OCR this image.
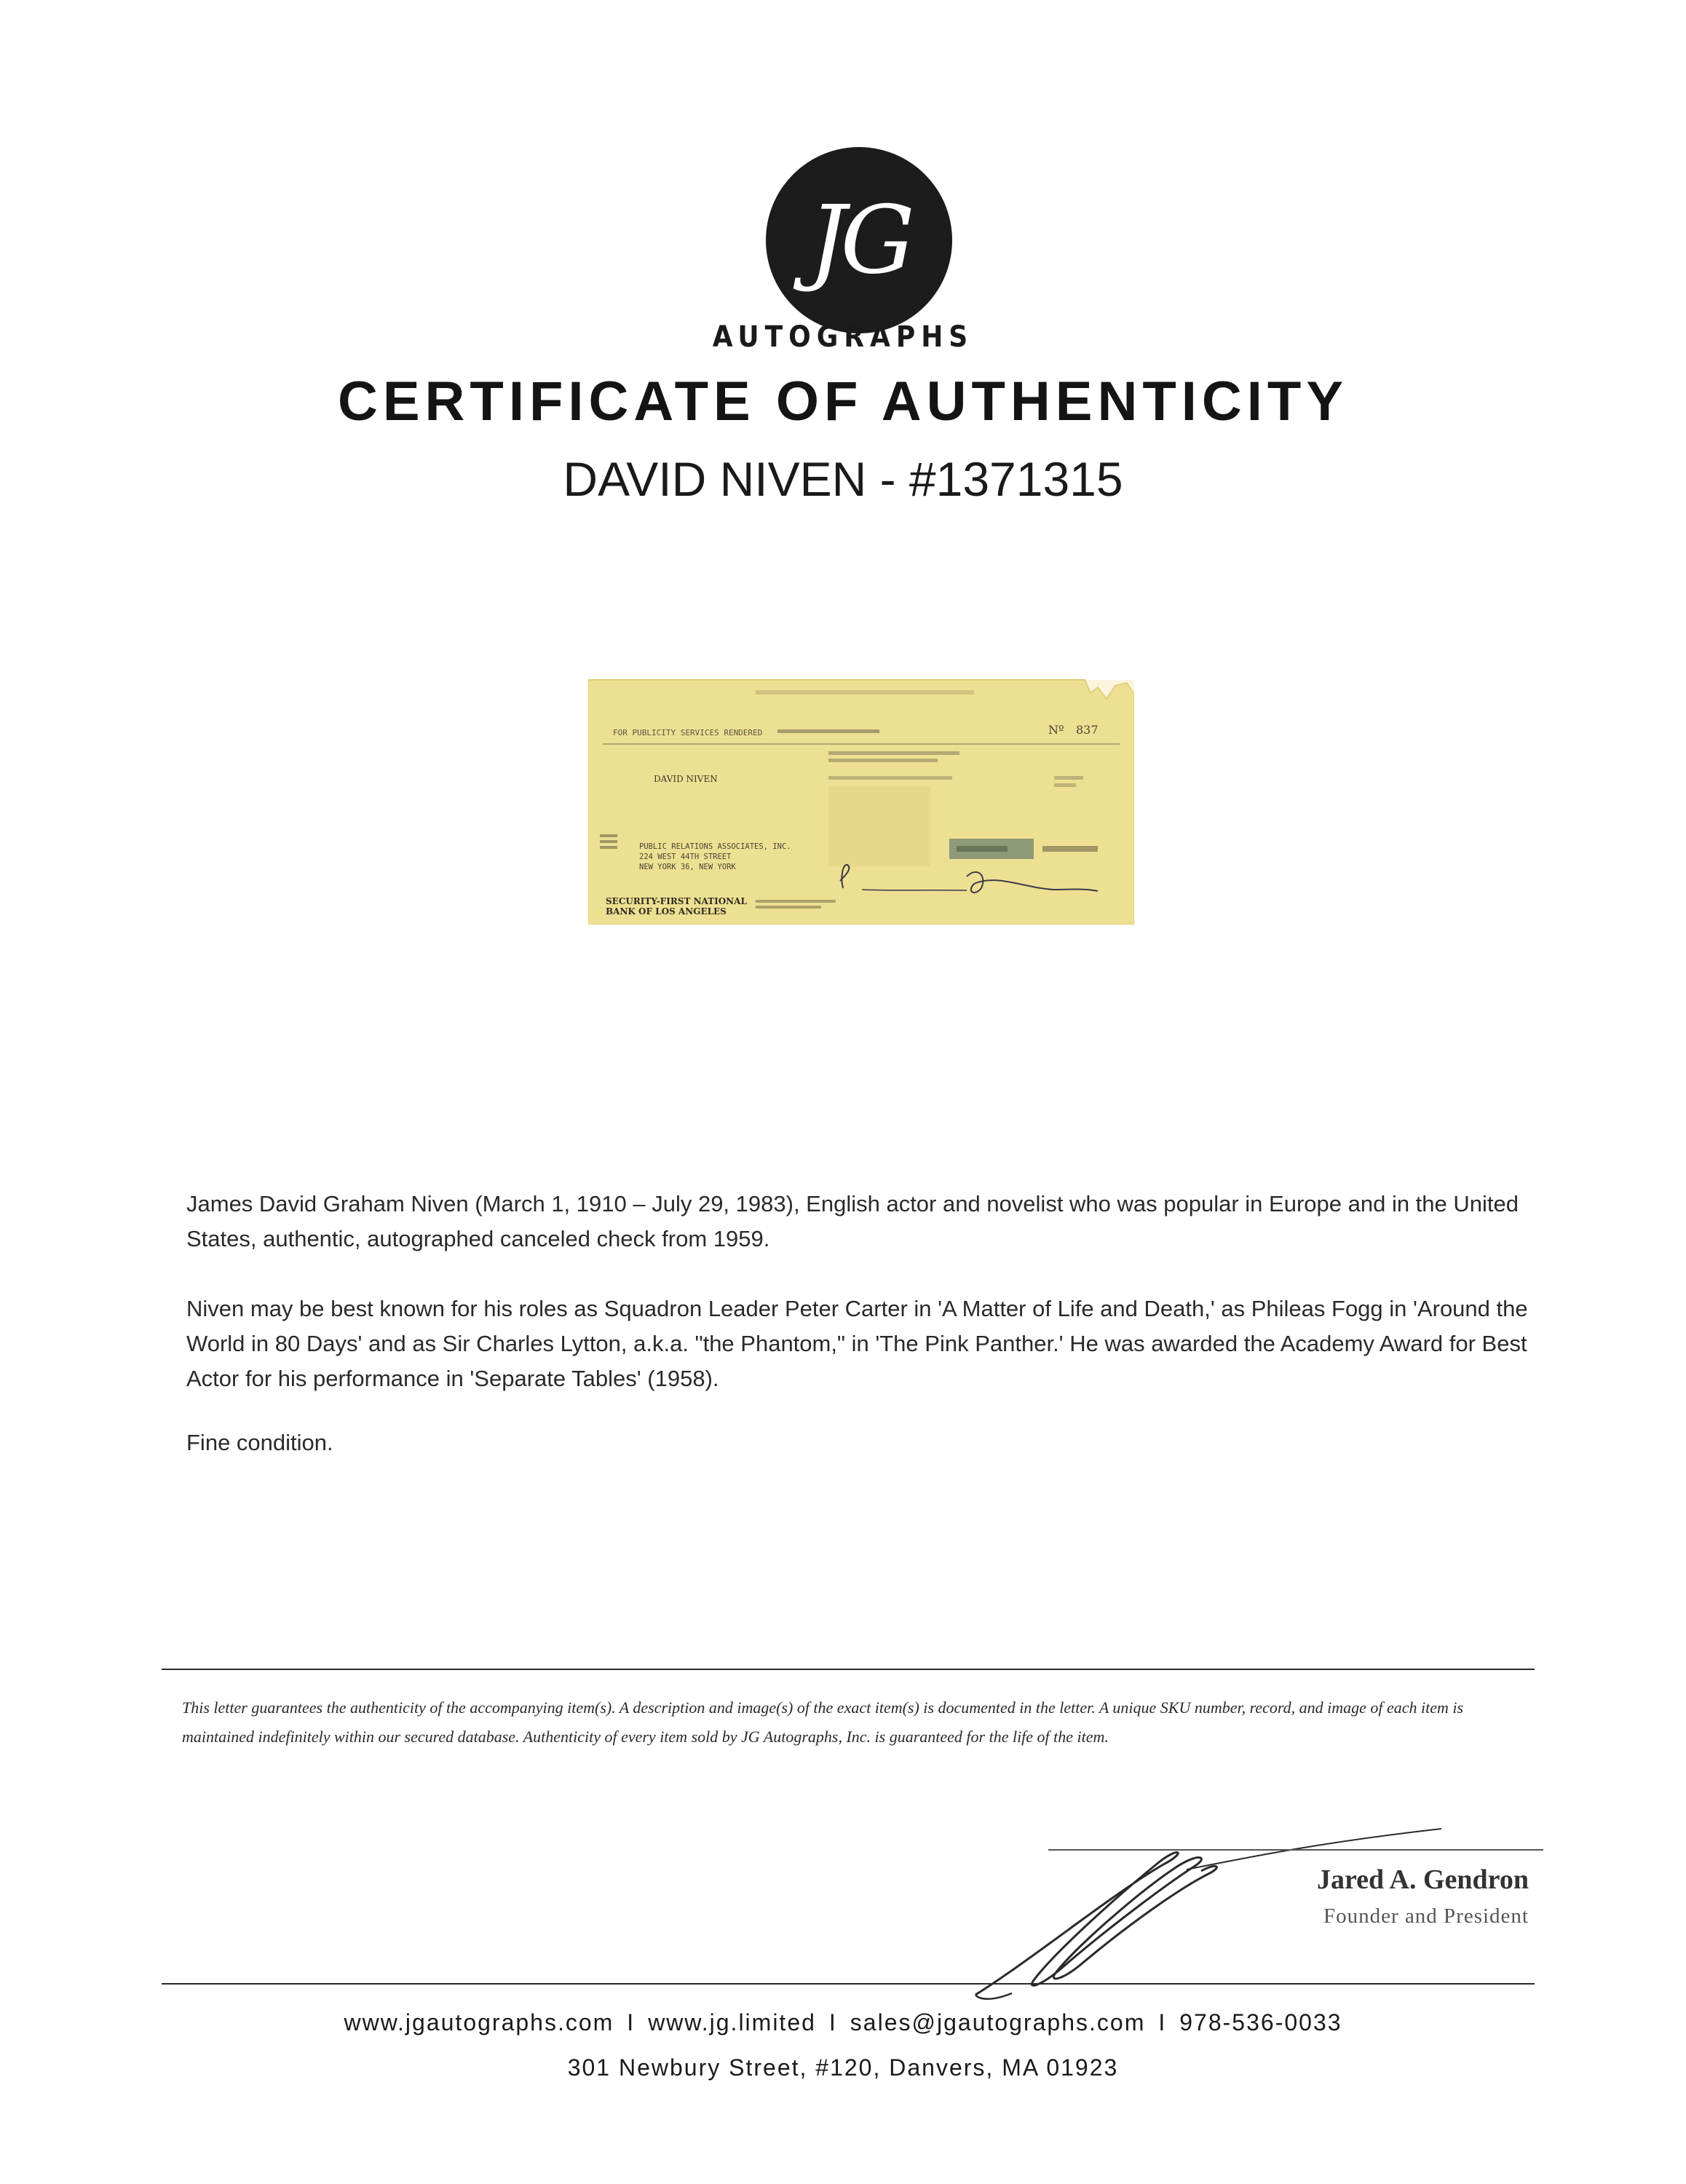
JG
AUTOGRAPHS
CERTIFICATE OF AUTHENTICITY
DAVID NIVEN - #1371315
FOR PUBLICITY SERVICES RENDERED	Nº 837
DAVID NIVEN
PUBLIC RELATIONS ASSOCIATES, INC.
224 WEST 44TH STREET
NEW YORK 36, NEW YORK
SECURITY-FIRST NATIONAL
BANK OF LOS ANGELES
James David Graham Niven (March 1, 1910 – July 29, 1983), English actor and novelist who was popular in Europe and in the United States, authentic, autographed canceled check from 1959.
Niven may be best known for his roles as Squadron Leader Peter Carter in 'A Matter of Life and Death,' as Phileas Fogg in 'Around the World in 80 Days' and as Sir Charles Lytton, a.k.a. "the Phantom," in 'The Pink Panther.' He was awarded the Academy Award for Best Actor for his performance in 'Separate Tables' (1958).
Fine condition.
This letter guarantees the authenticity of the accompanying item(s). A description and image(s) of the exact item(s) is documented in the letter. A unique SKU number, record, and image of each item is maintained indefinitely within our secured database. Authenticity of every item sold by JG Autographs, Inc. is guaranteed for the life of the item.
Jared A. Gendron
Founder and President
www.jgautographs.com I www.jg.limited I sales@jgautographs.com I 978-536-0033
301 Newbury Street, #120, Danvers, MA 01923
